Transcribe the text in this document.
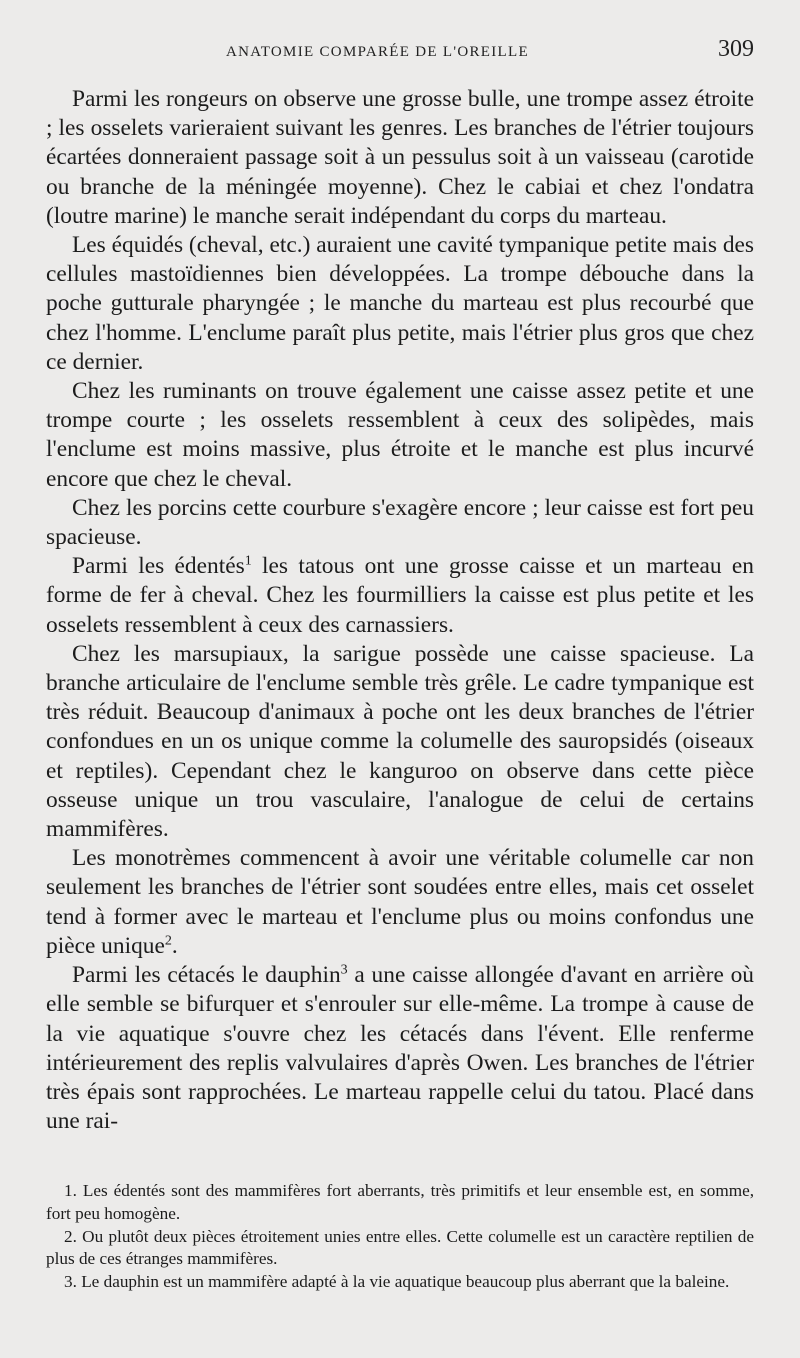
ANATOMIE COMPARÉE DE L'OREILLE	309

Parmi les rongeurs on observe une grosse bulle, une trompe assez étroite ; les osselets varieraient suivant les genres. Les branches de l'étrier toujours écartées donneraient passage soit à un pessulus soit à un vaisseau (carotide ou branche de la méningée moyenne). Chez le cabiai et chez l'ondatra (loutre marine) le manche serait indépendant du corps du marteau.

Les équidés (cheval, etc.) auraient une cavité tympanique petite mais des cellules mastoïdiennes bien développées. La trompe débouche dans la poche gutturale pharyngée ; le manche du marteau est plus recourbé que chez l'homme. L'enclume paraît plus petite, mais l'étrier plus gros que chez ce dernier.

Chez les ruminants on trouve également une caisse assez petite et une trompe courte ; les osselets ressemblent à ceux des solipèdes, mais l'enclume est moins massive, plus étroite et le manche est plus incurvé encore que chez le cheval.

Chez les porcins cette courbure s'exagère encore ; leur caisse est fort peu spacieuse.

Parmi les édentés$^1$ les tatous ont une grosse caisse et un marteau en forme de fer à cheval. Chez les fourmilliers la caisse est plus petite et les osselets ressemblent à ceux des carnassiers.

Chez les marsupiaux, la sarigue possède une caisse spacieuse. La branche articulaire de l'enclume semble très grêle. Le cadre tympanique est très réduit. Beaucoup d'animaux à poche ont les deux branches de l'étrier confondues en un os unique comme la columelle des sauropsidés (oiseaux et reptiles). Cependant chez le kanguroo on observe dans cette pièce osseuse unique un trou vasculaire, l'analogue de celui de certains mammifères.

Les monotrèmes commencent à avoir une véritable columelle car non seulement les branches de l'étrier sont soudées entre elles, mais cet osselet tend à former avec le marteau et l'enclume plus ou moins confondus une pièce unique$^2$.

Parmi les cétacés le dauphin$^3$ a une caisse allongée d'avant en arrière où elle semble se bifurquer et s'enrouler sur elle-même. La trompe à cause de la vie aquatique s'ouvre chez les cétacés dans l'évent. Elle renferme intérieurement des replis valvulaires d'après Owen. Les branches de l'étrier très épais sont rapprochées. Le marteau rappelle celui du tatou. Placé dans une rai-

1. Les édentés sont des mammifères fort aberrants, très primitifs et leur ensemble est, en somme, fort peu homogène.

2. Ou plutôt deux pièces étroitement unies entre elles. Cette columelle est un caractère reptilien de plus de ces étranges mammifères.

3. Le dauphin est un mammifère adapté à la vie aquatique beaucoup plus aberrant que la baleine.
